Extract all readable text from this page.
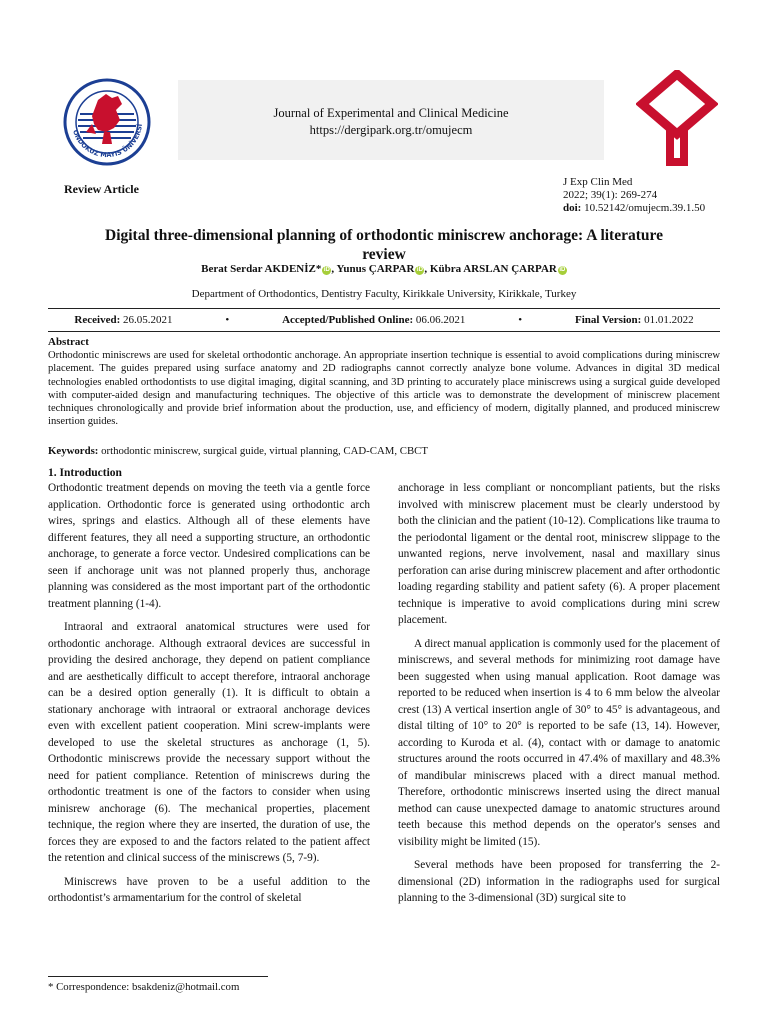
ONDOKUZ MAYIS ÜNİVERSİ
Journal of Experimental and Clinical Medicine
https://dergipark.org.tr/omujecm
Review Article	J Exp Clin Med
2022; 39(1): 269-274
doi: 10.52142/omujecm.39.1.50
Digital three-dimensional planning of orthodontic miniscrew anchorage: A literature review
Berat Serdar AKDENİZ* iD , Yunus ÇARPAR iD , Kübra ARSLAN ÇARPAR iD
Department of Orthodontics, Dentistry Faculty, Kirikkale University, Kirikkale, Turkey
Received: 26.05.2021	•	Accepted/Published Online: 06.06.2021	•	Final Version: 01.01.2022
Abstract
Orthodontic miniscrews are used for skeletal orthodontic anchorage. An appropriate insertion technique is essential to avoid complications during miniscrew placement. The guides prepared using surface anatomy and 2D radiographs cannot correctly analyze bone volume. Advances in digital 3D medical technologies enabled orthodontists to use digital imaging, digital scanning, and 3D printing to accurately place miniscrews using a surgical guide developed with computer-aided design and manufacturing techniques. The objective of this article was to demonstrate the development of miniscrew placement techniques chronologically and provide brief information about the production, use, and efficiency of modern, digitally planned, and produced miniscrew insertion guides.
Keywords: orthodontic miniscrew, surgical guide, virtual planning, CAD-CAM, CBCT
1. Introduction

Orthodontic treatment depends on moving the teeth via a gentle force application. Orthodontic force is generated using orthodontic arch wires, springs and elastics. Although all of these elements have different features, they all need a supporting structure, an orthodontic anchorage, to generate a force vector. Undesired complications can be seen if anchorage unit was not planned properly thus, anchorage planning was considered as the most important part of the orthodontic treatment planning (1-4).

Intraoral and extraoral anatomical structures were used for orthodontic anchorage. Although extraoral devices are successful in providing the desired anchorage, they depend on patient compliance and are aesthetically difficult to accept therefore, intraoral anchorage can be a desired option generally (1). It is difficult to obtain a stationary anchorage with intraoral or extraoral anchorage devices even with excellent patient cooperation. Mini screw-implants were developed to use the skeletal structures as anchorage (1, 5). Orthodontic miniscrews provide the necessary support without the need for patient compliance. Retention of miniscrews during the orthodontic treatment is one of the factors to consider when using minisrew anchorage (6). The mechanical properties, placement technique, the region where they are inserted, the duration of use, the forces they are exposed to and the factors related to the patient affect the retention and clinical success of the miniscrews (5, 7-9).

Miniscrews have proven to be a useful addition to the orthodontist’s armamentarium for the control of skeletal

anchorage in less compliant or noncompliant patients, but the risks involved with miniscrew placement must be clearly understood by both the clinician and the patient (10-12). Complications like trauma to the periodontal ligament or the dental root, miniscrew slippage to the unwanted regions, nerve involvement, nasal and maxillary sinus perforation can arise during miniscrew placement and after orthodontic loading regarding stability and patient safety (6). A proper placement technique is imperative to avoid complications during mini screw placement.

A direct manual application is commonly used for the placement of miniscrews, and several methods for minimizing root damage have been suggested when using manual application. Root damage was reported to be reduced when insertion is 4 to 6 mm below the alveolar crest (13) A vertical insertion angle of 30° to 45° is advantageous, and distal tilting of 10° to 20° is reported to be safe (13, 14). However, according to Kuroda et al. (4), contact with or damage to anatomic structures around the roots occurred in 47.4% of maxillary and 48.3% of mandibular miniscrews placed with a direct manual method. Therefore, orthodontic miniscrews inserted using the direct manual method can cause unexpected damage to anatomic structures around teeth because this method depends on the operator's senses and visibility might be limited (15).

Several methods have been proposed for transferring the 2-dimensional (2D) information in the radiographs used for surgical planning to the 3-dimensional (3D) surgical site to

* Correspondence: bsakdeniz@hotmail.com
